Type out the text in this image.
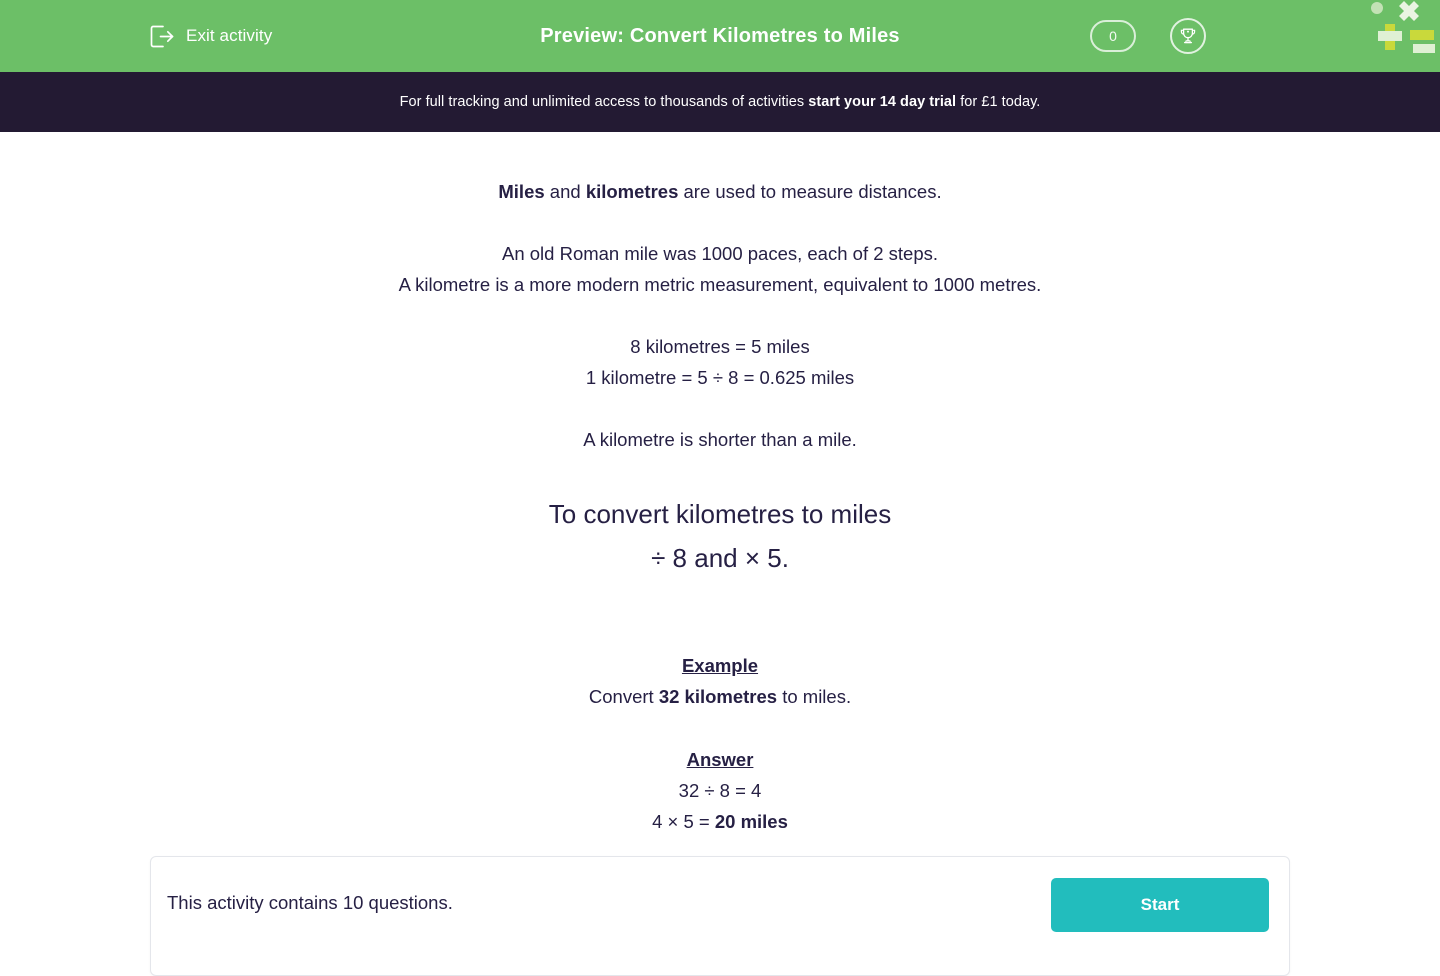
Exit activity	Preview: Convert Kilometres to Miles	0
For full tracking and unlimited access to thousands of activities start your 14 day trial for £1 today.

Miles and kilometres are used to measure distances.

An old Roman mile was 1000 paces, each of 2 steps.

A kilometre is a more modern metric measurement, equivalent to 1000 metres.

8 kilometres = 5 miles

1 kilometre = 5 ÷ 8 = 0.625 miles

A kilometre is shorter than a mile.

To convert kilometres to miles
÷ 8 and × 5.

Example

Convert 32 kilometres to miles.

Answer

32 ÷ 8 = 4

4 × 5 = 20 miles

This activity contains 10 questions.	Start
